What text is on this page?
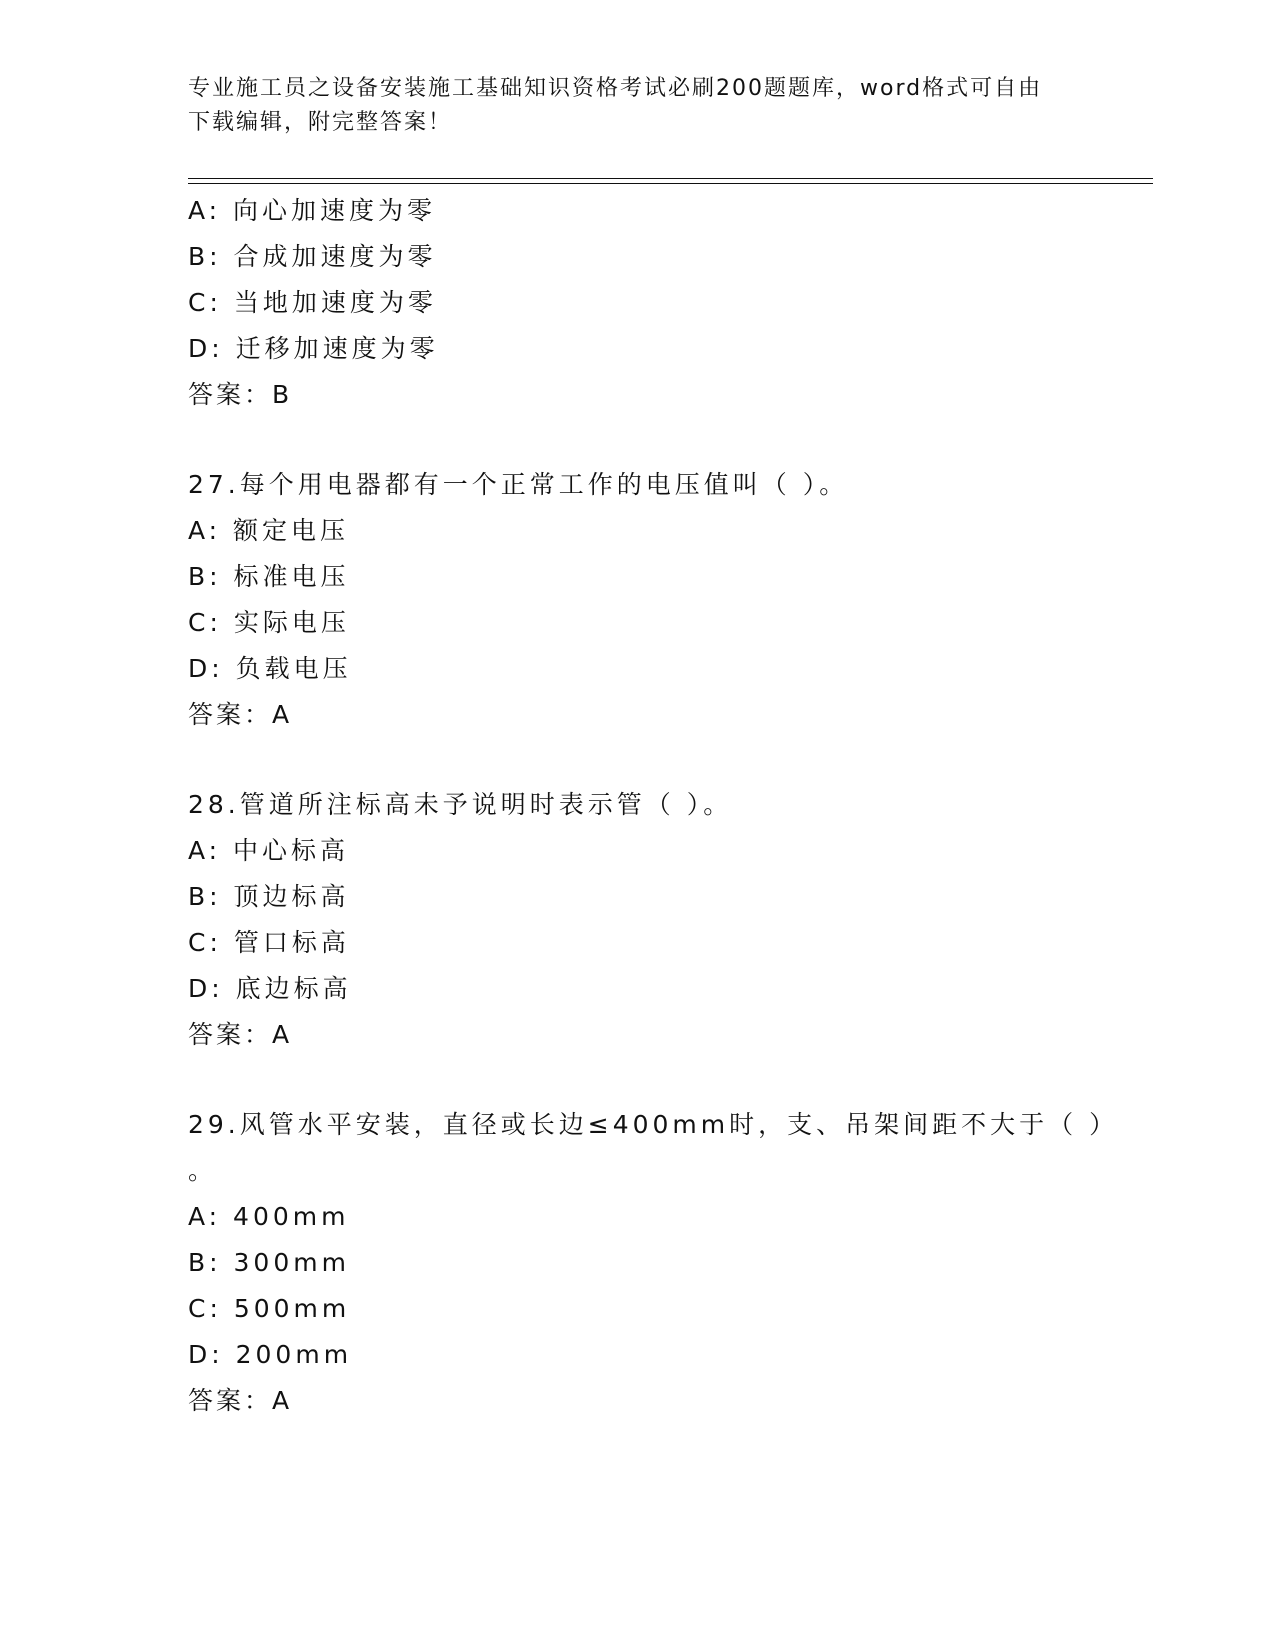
专业施工员之设备安装施工基础知识资格考试必刷200题题库，word格式可自由
下载编辑，附完整答案！
A: 向心加速度为零
B: 合成加速度为零
C: 当地加速度为零
D: 迁移加速度为零
答案：B
27.每个用电器都有一个正常工作的电压值叫（ ）。
A: 额定电压
B: 标准电压
C: 实际电压
D: 负载电压
答案：A
28.管道所注标高未予说明时表示管（ ）。
A: 中心标高
B: 顶边标高
C: 管口标高
D: 底边标高
答案：A
29.风管水平安装，直径或长边≤400mm时，支、吊架间距不大于（ ）
。
A: 400mm
B: 300mm
C: 500mm
D: 200mm
答案：A
